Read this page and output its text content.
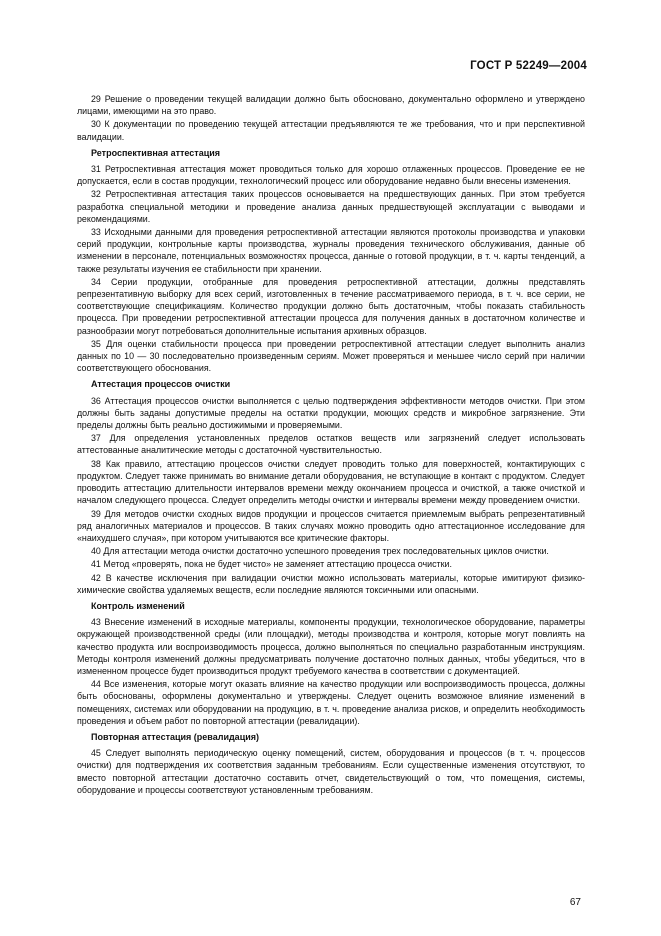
ГОСТ Р 52249—2004

29 Решение о проведении текущей валидации должно быть обосновано, документально оформлено и утверждено лицами, имеющими на это право.

30 К документации по проведению текущей аттестации предъявляются те же требования, что и при перспективной валидации.

Ретроспективная аттестация

31 Ретроспективная аттестация может проводиться только для хорошо отлаженных процессов. Проведение ее не допускается, если в состав продукции, технологический процесс или оборудование недавно были внесены изменения.

32 Ретроспективная аттестация таких процессов основывается на предшествующих данных. При этом требуется разработка специальной методики и проведение анализа данных предшествующей эксплуатации с выводами и рекомендациями.

33 Исходными данными для проведения ретроспективной аттестации являются протоколы производства и упаковки серий продукции, контрольные карты производства, журналы проведения технического обслуживания, данные об изменении в персонале, потенциальных возможностях процесса, данные о готовой продукции, в т. ч. карты тенденций, а также результаты изучения ее стабильности при хранении.

34 Серии продукции, отобранные для проведения ретроспективной аттестации, должны представлять репрезентативную выборку для всех серий, изготовленных в течение рассматриваемого периода, в т. ч. все серии, не соответствующие спецификациям. Количество продукции должно быть достаточным, чтобы показать стабильность процесса. При проведении ретроспективной аттестации процесса для получения данных в достаточном количестве и разнообразии могут потребоваться дополнительные испытания архивных образцов.

35 Для оценки стабильности процесса при проведении ретроспективной аттестации следует выполнить анализ данных по 10 — 30 последовательно произведенным сериям. Может проверяться и меньшее число серий при наличии соответствующего обоснования.

Аттестация процессов очистки

36 Аттестация процессов очистки выполняется с целью подтверждения эффективности методов очистки. При этом должны быть заданы допустимые пределы на остатки продукции, моющих средств и микробное загрязнение. Эти пределы должны быть реально достижимыми и проверяемыми.

37 Для определения установленных пределов остатков веществ или загрязнений следует использовать аттестованные аналитические методы с достаточной чувствительностью.

38 Как правило, аттестацию процессов очистки следует проводить только для поверхностей, контактирующих с продуктом. Следует также принимать во внимание детали оборудования, не вступающие в контакт с продуктом. Следует проводить аттестацию длительности интервалов времени между окончанием процесса и очисткой, а также очисткой и началом следующего процесса. Следует определить методы очистки и интервалы времени между проведением очистки.

39 Для методов очистки сходных видов продукции и процессов считается приемлемым выбрать репрезентативный ряд аналогичных материалов и процессов. В таких случаях можно проводить одно аттестационное исследование для «наихудшего случая», при котором учитываются все критические факторы.

40 Для аттестации метода очистки достаточно успешного проведения трех последовательных циклов очистки.

41 Метод «проверять, пока не будет чисто» не заменяет аттестацию процесса очистки.

42 В качестве исключения при валидации очистки можно использовать материалы, которые имитируют физико-химические свойства удаляемых веществ, если последние являются токсичными или опасными.

Контроль изменений

43 Внесение изменений в исходные материалы, компоненты продукции, технологическое оборудование, параметры окружающей производственной среды (или площадки), методы производства и контроля, которые могут повлиять на качество продукта или воспроизводимость процесса, должно выполняться по специально разработанным инструкциям. Методы контроля изменений должны предусматривать получение достаточно полных данных, чтобы убедиться, что в измененном процессе будет производиться продукт требуемого качества в соответствии с документацией.

44 Все изменения, которые могут оказать влияние на качество продукции или воспроизводимость процесса, должны быть обоснованы, оформлены документально и утверждены. Следует оценить возможное влияние изменений в помещениях, системах или оборудовании на продукцию, в т. ч. проведение анализа рисков, и определить необходимость проведения и объем работ по повторной аттестации (ревалидации).

Повторная аттестация (ревалидация)

45 Следует выполнять периодическую оценку помещений, систем, оборудования и процессов (в т. ч. процессов очистки) для подтверждения их соответствия заданным требованиям. Если существенные изменения отсутствуют, то вместо повторной аттестации достаточно составить отчет, свидетельствующий о том, что помещения, системы, оборудование и процессы соответствуют установленным требованиям.

67
